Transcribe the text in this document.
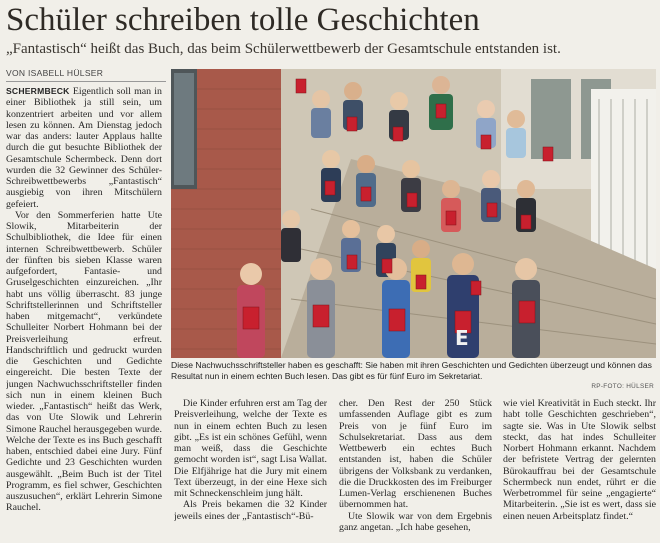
Schüler schreiben tolle Geschichten
„Fantastisch“ heißt das Buch, das beim Schülerwettbewerb der Gesamtschule entstanden ist.
VON ISABELL HÜLSER

SCHERMBECK Eigentlich soll man in einer Bibliothek ja still sein, um konzentriert arbeiten und vor allem lesen zu können. Am Dienstag jedoch war das anders: lauter Applaus hallte durch die gut besuchte Bibliothek der Gesamtschule Schermbeck. Denn dort wurden die 32 Gewinner des Schüler-Schreibwettbewerbs „Fantastisch“ ausgiebig von ihren Mitschülern gefeiert.

Vor den Sommerferien hatte Ute Slowik, Mitarbeiterin der Schulbibliothek, die Idee für einen internen Schreibwettbewerb. Schüler der fünften bis sieben Klasse waren aufgefordert, Fantasie- und Gruselgeschichten einzureichen. „Ihr habt uns völlig überrascht. 83 junge Schriftstellerinnen und Schriftsteller haben mitgemacht“, verkündete Schulleiter Norbert Hohmann bei der Preisverleihung erfreut. Handschriftlich und gedruckt wurden die Geschichten und Gedichte eingereicht. Die besten Texte der jungen Nachwuchsschriftsteller finden sich nun in einem kleinen Buch wieder. „Fantastisch“ heißt das Werk, das von Ute Slowik und Lehrerin Simone Rauchel herausgegeben wurde. Welche der Texte es ins Buch geschafft haben, entschied dabei eine Jury. Fünf Gedichte und 23 Geschichten wurden ausgewählt. „Beim Buch ist der Titel Programm, es fiel schwer, Geschichten auszusuchen“, erklärt Lehrerin Simone Rauchel.

E
Diese Nachwuchsschriftsteller haben es geschafft: Sie haben mit ihren Geschichten und Gedichten überzeugt und können das Resultat nun in einem echten Buch lesen. Das gibt es für fünf Euro im Sekretariat.
RP-FOTO: HÜLSER

Die Kinder erfuhren erst am Tag der Preisverleihung, welche der Texte es nun in einem echten Buch zu lesen gibt. „Es ist ein schönes Gefühl, wenn man weiß, dass die Geschichte gemocht worden ist“, sagt Lisa Wallat. Die Elfjährige hat die Jury mit einem Text überzeugt, in der eine Hexe sich mit Schneckenschleim jung hält.

Als Preis bekamen die 32 Kinder jeweils eines der „Fantastisch“-Bü-

cher. Den Rest der 250 Stück umfassenden Auflage gibt es zum Preis von je fünf Euro im Schulsekretariat. Dass aus dem Wettbewerb ein echtes Buch entstanden ist, haben die Schüler übrigens der Volksbank zu verdanken, die die Druckkosten des im Freiburger Lumen-Verlag erschienenen Buches übernommen hat.

Ute Slowik war von dem Ergebnis ganz angetan. „Ich habe gesehen,

wie viel Kreativität in Euch steckt. Ihr habt tolle Geschichten geschrieben“, sagte sie. Was in Ute Slowik selbst steckt, das hat indes Schulleiter Norbert Hohmann erkannt. Nachdem der befristete Vertrag der gelernten Bürokauffrau bei der Gesamtschule Schermbeck nun endet, rührt er die Werbetrommel für seine „engagierte“ Mitarbeiterin. „Sie ist es wert, dass sie einen neuen Arbeitsplatz findet.“
